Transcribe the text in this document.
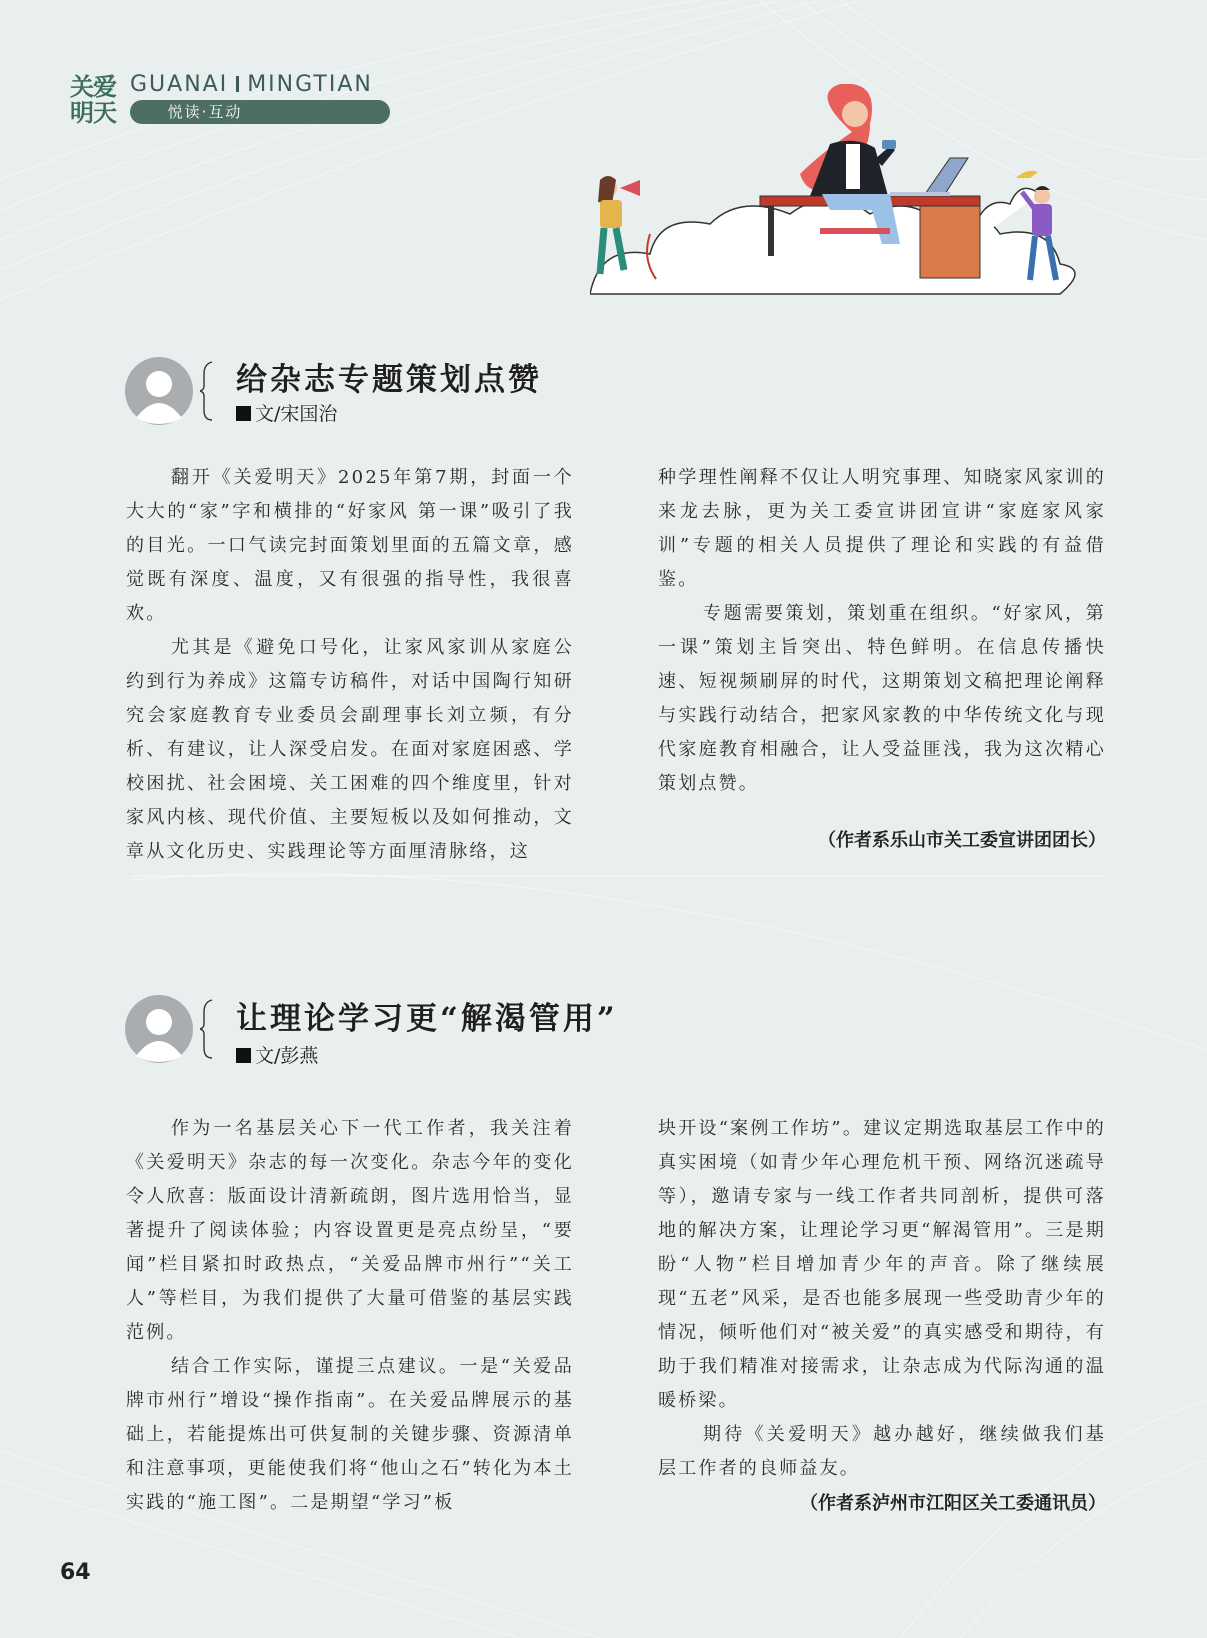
关爱
明天
GUANAI MINGTIAN
悦读·互动
给杂志专题策划点赞
文/宋国治

翻开《关爱明天》2025年第7期，封面一个大大的“家”字和横排的“好家风 第一课”吸引了我的目光。一口气读完封面策划里面的五篇文章，感觉既有深度、温度，又有很强的指导性，我很喜欢。

尤其是《避免口号化，让家风家训从家庭公约到行为养成》这篇专访稿件，对话中国陶行知研究会家庭教育专业委员会副理事长刘立频，有分析、有建议，让人深受启发。在面对家庭困惑、学校困扰、社会困境、关工困难的四个维度里，针对家风内核、现代价值、主要短板以及如何推动，文章从文化历史、实践理论等方面厘清脉络，这

种学理性阐释不仅让人明究事理、知晓家风家训的来龙去脉，更为关工委宣讲团宣讲“家庭家风家训”专题的相关人员提供了理论和实践的有益借鉴。

专题需要策划，策划重在组织。“好家风，第一课”策划主旨突出、特色鲜明。在信息传播快速、短视频刷屏的时代，这期策划文稿把理论阐释与实践行动结合，把家风家教的中华传统文化与现代家庭教育相融合，让人受益匪浅，我为这次精心策划点赞。

（作者系乐山市关工委宣讲团团长）
让理论学习更“解渴管用”
文/彭燕

作为一名基层关心下一代工作者，我关注着《关爱明天》杂志的每一次变化。杂志今年的变化令人欣喜：版面设计清新疏朗，图片选用恰当，显著提升了阅读体验；内容设置更是亮点纷呈，“要闻”栏目紧扣时政热点，“关爱品牌市州行”“关工人”等栏目，为我们提供了大量可借鉴的基层实践范例。

结合工作实际，谨提三点建议。一是“关爱品牌市州行”增设“操作指南”。在关爱品牌展示的基础上，若能提炼出可供复制的关键步骤、资源清单和注意事项，更能使我们将“他山之石”转化为本土实践的“施工图”。二是期望“学习”板

块开设“案例工作坊”。建议定期选取基层工作中的真实困境（如青少年心理危机干预、网络沉迷疏导等），邀请专家与一线工作者共同剖析，提供可落地的解决方案，让理论学习更“解渴管用”。三是期盼“人物”栏目增加青少年的声音。除了继续展现“五老”风采，是否也能多展现一些受助青少年的情况，倾听他们对“被关爱”的真实感受和期待，有助于我们精准对接需求，让杂志成为代际沟通的温暖桥梁。

期待《关爱明天》越办越好，继续做我们基层工作者的良师益友。

（作者系泸州市江阳区关工委通讯员）
64
